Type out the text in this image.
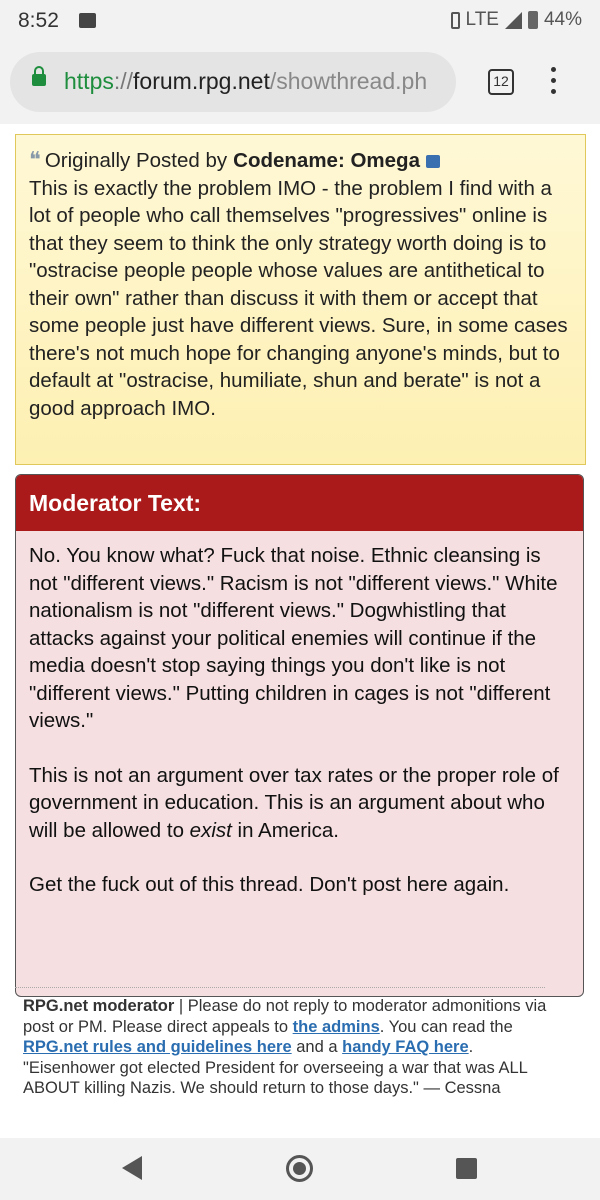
8:52	LTE 44%
https://forum.rpg.net/showthread.ph	12
❝ Originally Posted by Codename: Omega
This is exactly the problem IMO - the problem I find with a lot of people who call themselves "progressives" online is that they seem to think the only strategy worth doing is to "ostracise people people whose values are antithetical to their own" rather than discuss it with them or accept that some people just have different views. Sure, in some cases there's not much hope for changing anyone's minds, but to default at "ostracise, humiliate, shun and berate" is not a good approach IMO.
Moderator Text:

No. You know what? Fuck that noise. Ethnic cleansing is not "different views." Racism is not "different views." White nationalism is not "different views." Dogwhistling that attacks against your political enemies will continue if the media doesn't stop saying things you don't like is not "different views." Putting children in cages is not "different views."

This is not an argument over tax rates or the proper role of government in education. This is an argument about who will be allowed to exist in America.

Get the fuck out of this thread. Don't post here again.

RPG.net moderator | Please do not reply to moderator admonitions via post or PM. Please direct appeals to the admins. You can read the RPG.net rules and guidelines here and a handy FAQ here.
"Eisenhower got elected President for overseeing a war that was ALL ABOUT killing Nazis. We should return to those days." — Cessna
